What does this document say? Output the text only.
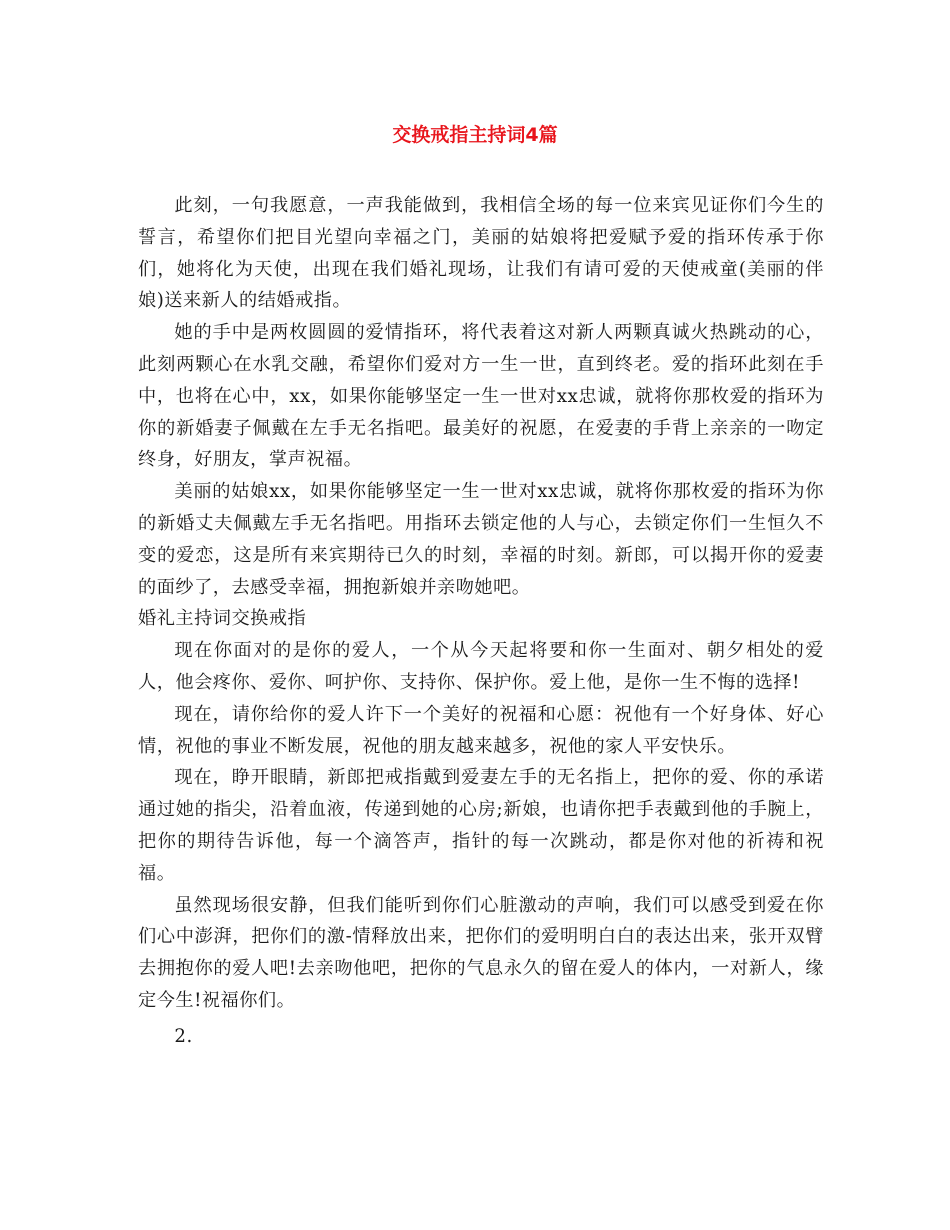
交换戒指主持词4篇

此刻，一句我愿意，一声我能做到，我相信全场的每一位来宾见证你们今生的誓言，希望你们把目光望向幸福之门，美丽的姑娘将把爱赋予爱的指环传承于你们，她将化为天使，出现在我们婚礼现场，让我们有请可爱的天使戒童(美丽的伴娘)送来新人的结婚戒指。

她的手中是两枚圆圆的爱情指环，将代表着这对新人两颗真诚火热跳动的心，此刻两颗心在水乳交融，希望你们爱对方一生一世，直到终老。爱的指环此刻在手中，也将在心中，xx，如果你能够坚定一生一世对xx忠诚，就将你那枚爱的指环为你的新婚妻子佩戴在左手无名指吧。最美好的祝愿，在爱妻的手背上亲亲的一吻定终身，好朋友，掌声祝福。

美丽的姑娘xx，如果你能够坚定一生一世对xx忠诚，就将你那枚爱的指环为你的新婚丈夫佩戴左手无名指吧。用指环去锁定他的人与心，去锁定你们一生恒久不变的爱恋，这是所有来宾期待已久的时刻，幸福的时刻。新郎，可以揭开你的爱妻的面纱了，去感受幸福，拥抱新娘并亲吻她吧。

婚礼主持词交换戒指

现在你面对的是你的爱人，一个从今天起将要和你一生面对、朝夕相处的爱人，他会疼你、爱你、呵护你、支持你、保护你。爱上他，是你一生不悔的选择!

现在，请你给你的爱人许下一个美好的祝福和心愿：祝他有一个好身体、好心情，祝他的事业不断发展，祝他的朋友越来越多，祝他的家人平安快乐。

现在，睁开眼睛，新郎把戒指戴到爱妻左手的无名指上，把你的爱、你的承诺通过她的指尖，沿着血液，传递到她的心房;新娘，也请你把手表戴到他的手腕上，把你的期待告诉他，每一个滴答声，指针的每一次跳动，都是你对他的祈祷和祝福。

虽然现场很安静，但我们能听到你们心脏激动的声响，我们可以感受到爱在你们心中澎湃，把你们的激-情释放出来，把你们的爱明明白白的表达出来，张开双臂去拥抱你的爱人吧!去亲吻他吧，把你的气息永久的留在爱人的体内，一对新人，缘定今生!祝福你们。

2.
